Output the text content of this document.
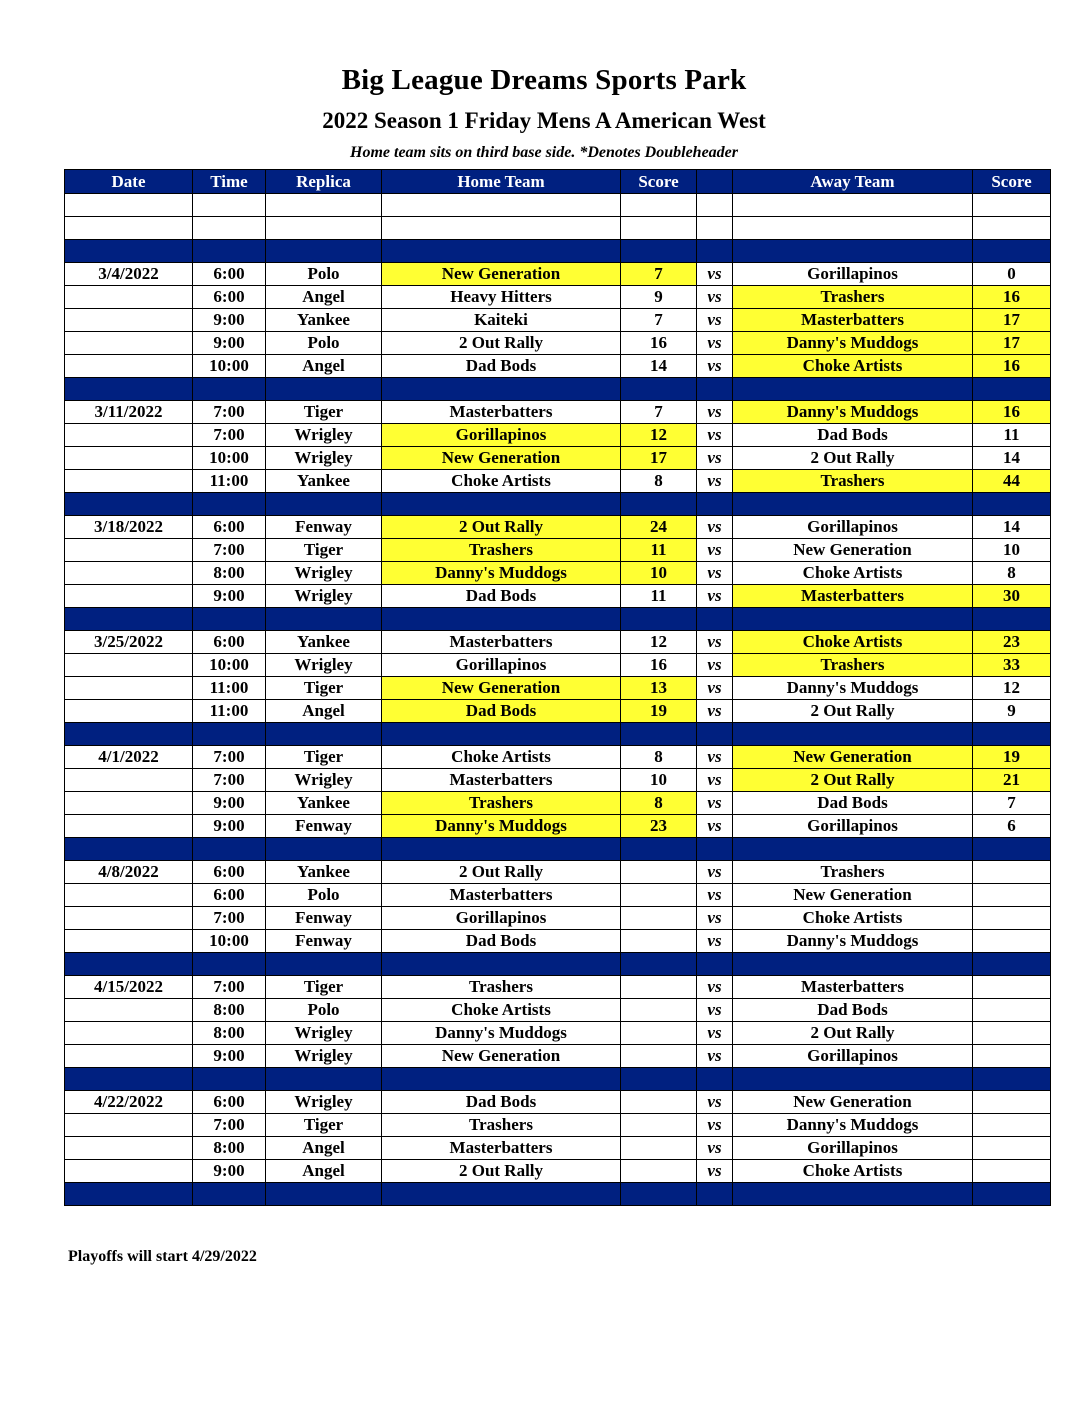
Big League Dreams Sports Park
2022 Season 1 Friday Mens A American West
Home team sits on third base side. *Denotes Doubleheader
Date	Time	Replica	Home Team	Score		Away Team	Score

3/4/2022	6:00	Polo	New Generation	7	vs	Gorillapinos	0
	6:00	Angel	Heavy Hitters	9	vs	Trashers	16
	9:00	Yankee	Kaiteki	7	vs	Masterbatters	17
	9:00	Polo	2 Out Rally	16	vs	Danny's Muddogs	17
	10:00	Angel	Dad Bods	14	vs	Choke Artists	16

3/11/2022	7:00	Tiger	Masterbatters	7	vs	Danny's Muddogs	16
	7:00	Wrigley	Gorillapinos	12	vs	Dad Bods	11
	10:00	Wrigley	New Generation	17	vs	2 Out Rally	14
	11:00	Yankee	Choke Artists	8	vs	Trashers	44

3/18/2022	6:00	Fenway	2 Out Rally	24	vs	Gorillapinos	14
	7:00	Tiger	Trashers	11	vs	New Generation	10
	8:00	Wrigley	Danny's Muddogs	10	vs	Choke Artists	8
	9:00	Wrigley	Dad Bods	11	vs	Masterbatters	30

3/25/2022	6:00	Yankee	Masterbatters	12	vs	Choke Artists	23
	10:00	Wrigley	Gorillapinos	16	vs	Trashers	33
	11:00	Tiger	New Generation	13	vs	Danny's Muddogs	12
	11:00	Angel	Dad Bods	19	vs	2 Out Rally	9

4/1/2022	7:00	Tiger	Choke Artists	8	vs	New Generation	19
	7:00	Wrigley	Masterbatters	10	vs	2 Out Rally	21
	9:00	Yankee	Trashers	8	vs	Dad Bods	7
	9:00	Fenway	Danny's Muddogs	23	vs	Gorillapinos	6

4/8/2022	6:00	Yankee	2 Out Rally		vs	Trashers	
	6:00	Polo	Masterbatters		vs	New Generation	
	7:00	Fenway	Gorillapinos		vs	Choke Artists	
	10:00	Fenway	Dad Bods		vs	Danny's Muddogs	

4/15/2022	7:00	Tiger	Trashers		vs	Masterbatters	
	8:00	Polo	Choke Artists		vs	Dad Bods	
	8:00	Wrigley	Danny's Muddogs		vs	2 Out Rally	
	9:00	Wrigley	New Generation		vs	Gorillapinos	

4/22/2022	6:00	Wrigley	Dad Bods		vs	New Generation	
	7:00	Tiger	Trashers		vs	Danny's Muddogs	
	8:00	Angel	Masterbatters		vs	Gorillapinos	
	9:00	Angel	2 Out Rally		vs	Choke Artists	

Playoffs will start 4/29/2022
